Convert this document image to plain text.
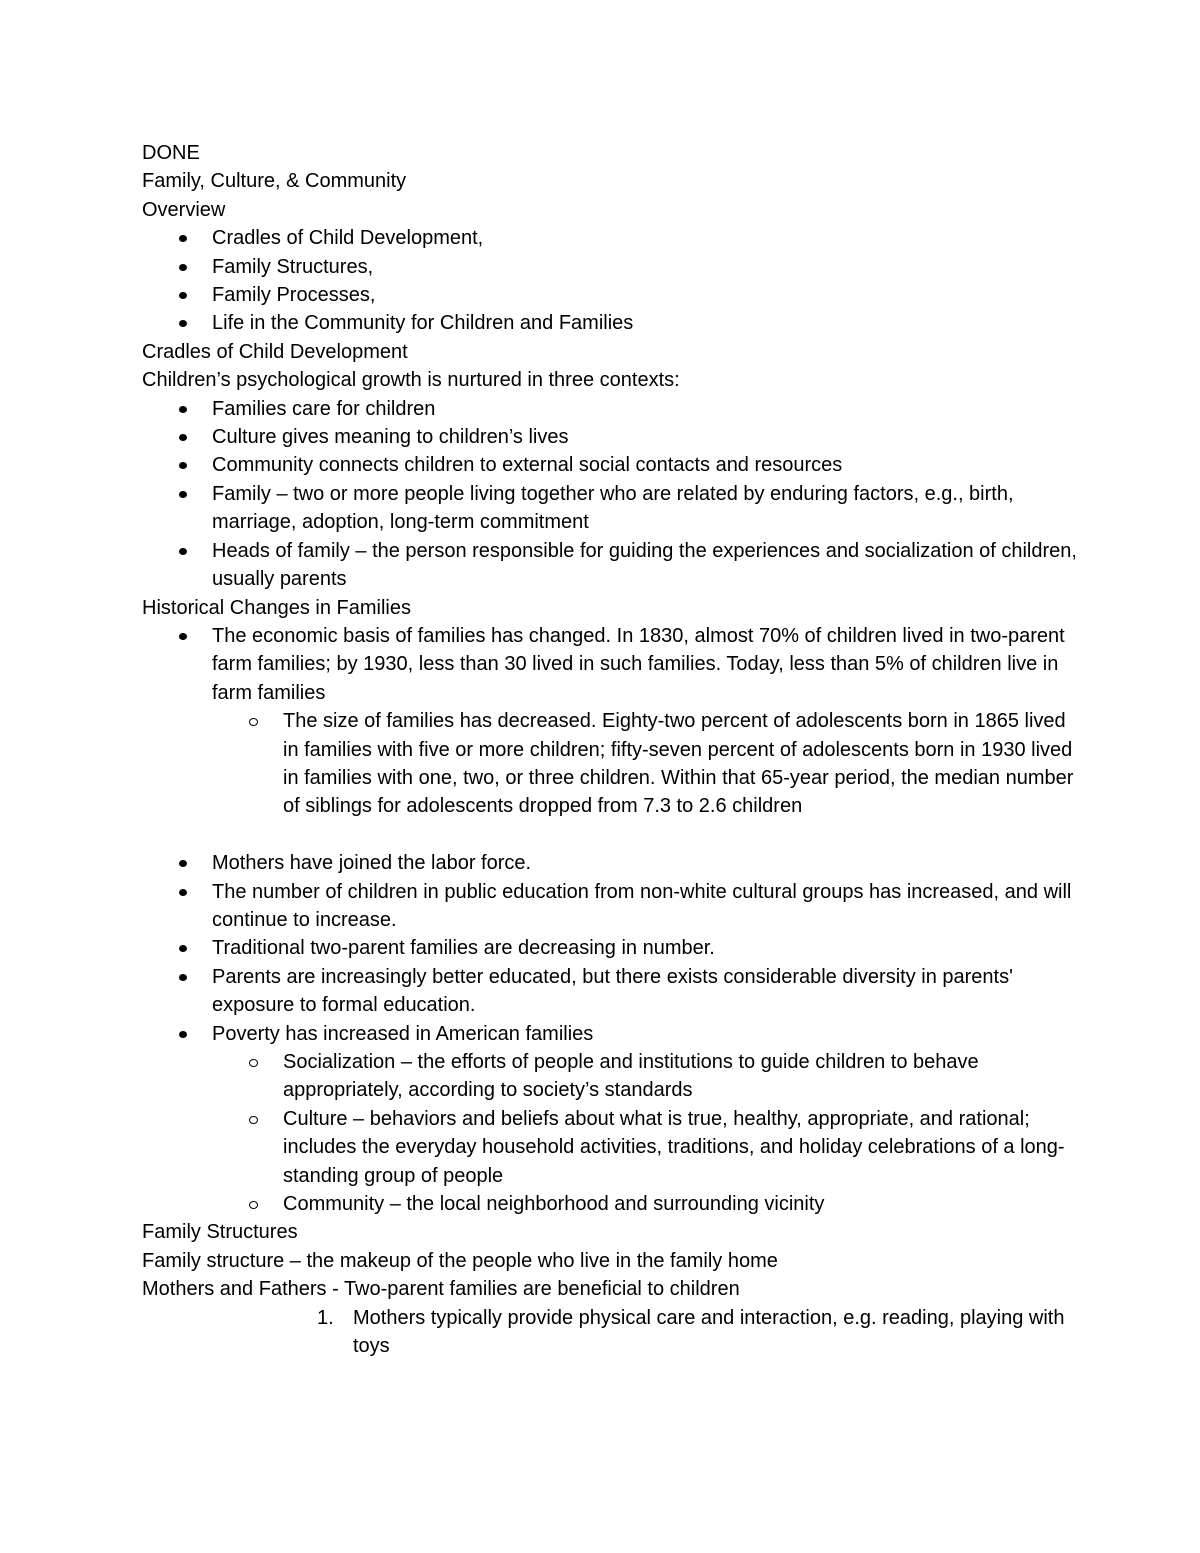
DONE
Family, Culture, & Community
Overview
Cradles of Child Development,
Family Structures,
Family Processes,
Life in the Community for Children and Families
Cradles of Child Development
Children’s psychological growth is nurtured in three contexts:
Families care for children
Culture gives meaning to children’s lives
Community connects children to external social contacts and resources
Family – two or more people living together who are related by enduring factors, e.g., birth, marriage, adoption, long-term commitment
Heads of family – the person responsible for guiding the experiences and socialization of children, usually parents
Historical Changes in Families
The economic basis of families has changed. In 1830, almost 70% of children lived in two-parent farm families; by 1930, less than 30 lived in such families. Today, less than 5% of children live in farm families
The size of families has decreased. Eighty-two percent of adolescents born in 1865 lived in families with five or more children; fifty-seven percent of adolescents born in 1930 lived in families with one, two, or three children. Within that 65-year period, the median number of siblings for adolescents dropped from 7.3 to 2.6 children
Mothers have joined the labor force.
The number of children in public education from non-white cultural groups has increased, and will continue to increase.
Traditional two-parent families are decreasing in number.
Parents are increasingly better educated, but there exists considerable diversity in parents' exposure to formal education.
Poverty has increased in American families
Socialization – the efforts of people and institutions to guide children to behave appropriately, according to society’s standards
Culture – behaviors and beliefs about what is true, healthy, appropriate, and rational; includes the everyday household activities, traditions, and holiday celebrations of a long-standing group of people
Community – the local neighborhood and surrounding vicinity
Family Structures
Family structure – the makeup of the people who live in the family home
Mothers and Fathers - Two-parent families are beneficial to children
1. Mothers typically provide physical care and interaction, e.g. reading, playing with toys
